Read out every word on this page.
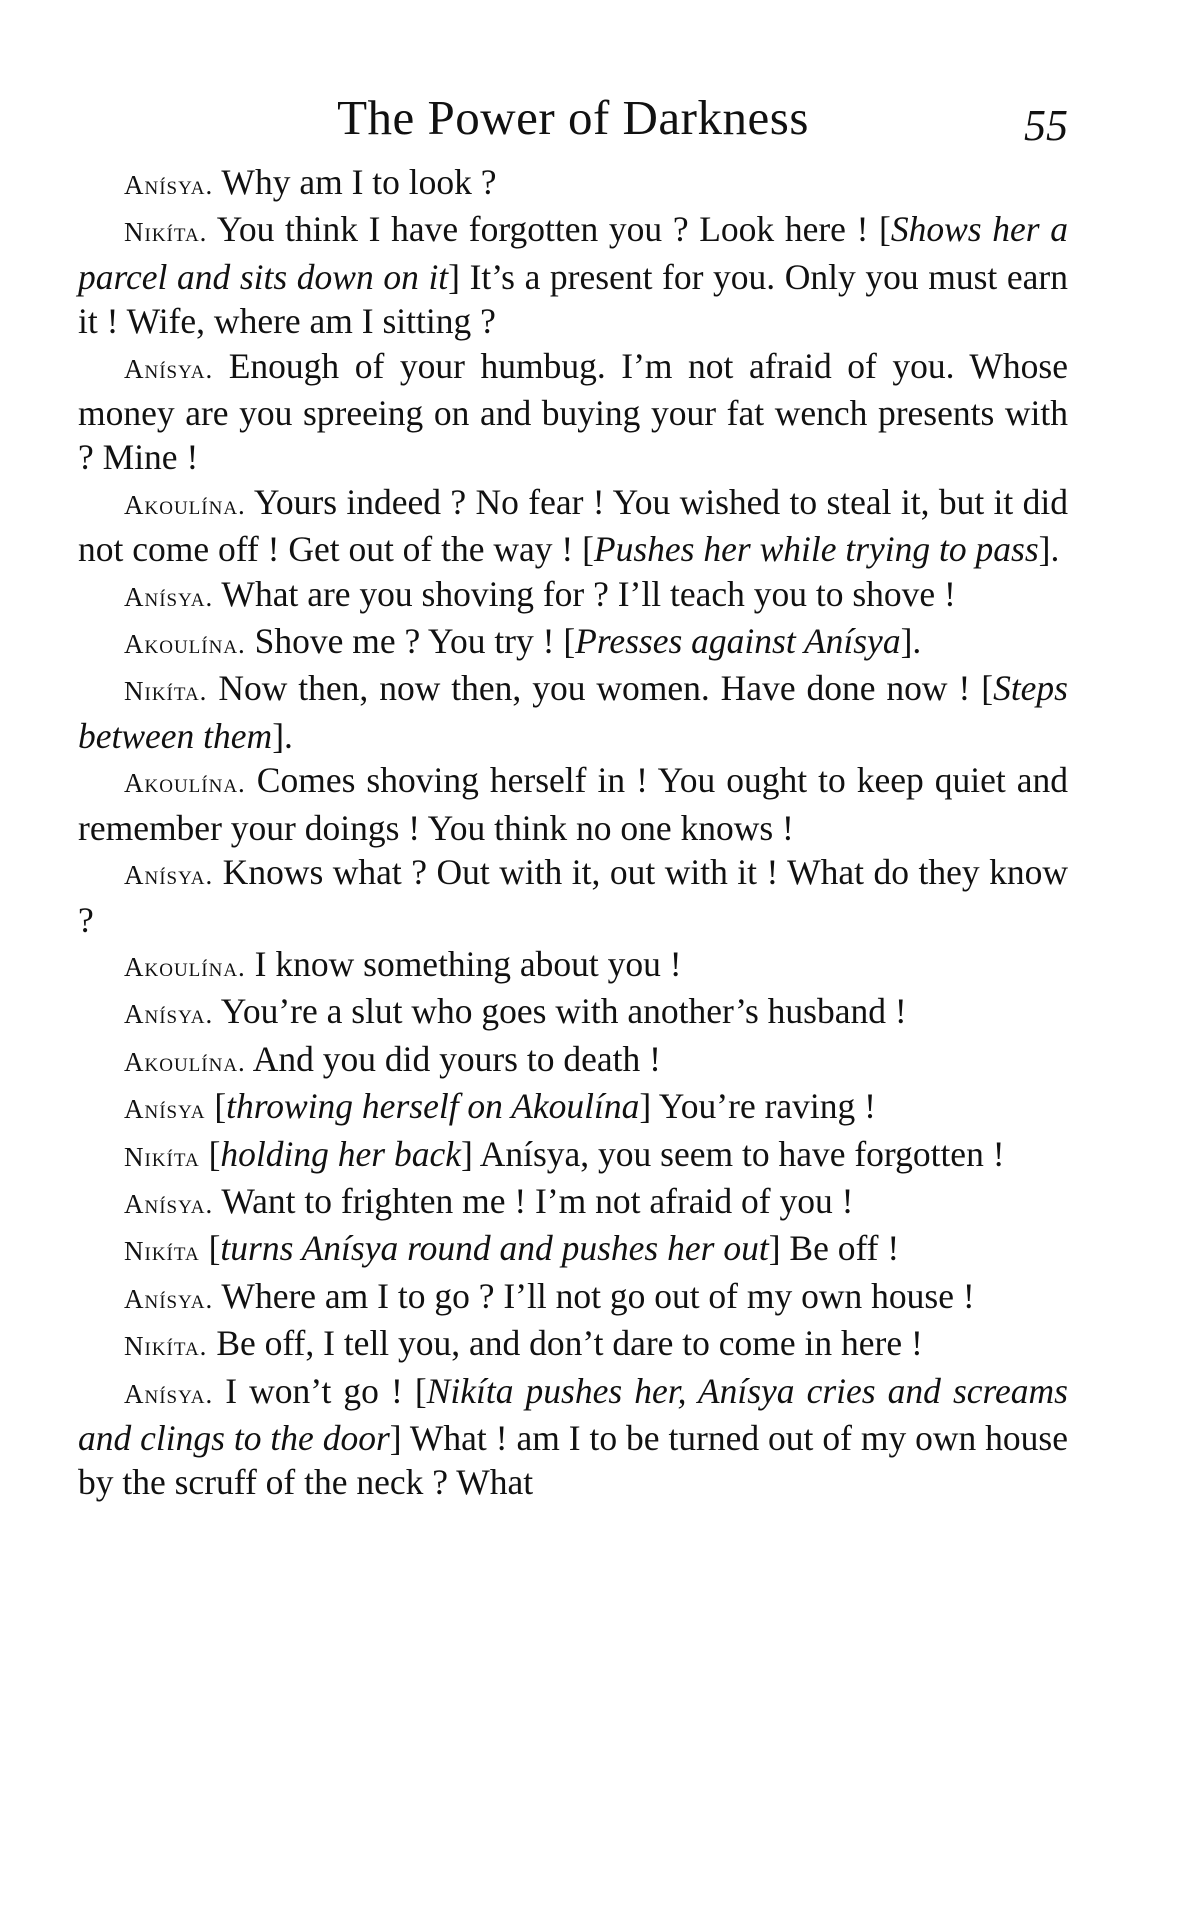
The Power of Darkness	55

Anísya. Why am I to look ?

Nikíta. You think I have forgotten you ? Look here ! [Shows her a parcel and sits down on it] It’s a present for you. Only you must earn it ! Wife, where am I sitting ?

Anísya. Enough of your humbug. I’m not afraid of you. Whose money are you spreeing on and buying your fat wench presents with ? Mine !

Akoulína. Yours indeed ? No fear ! You wished to steal it, but it did not come off ! Get out of the way ! [Pushes her while trying to pass].

Anísya. What are you shoving for ? I’ll teach you to shove !

Akoulína. Shove me ? You try ! [Presses against Anísya].

Nikíta. Now then, now then, you women. Have done now ! [Steps between them].

Akoulína. Comes shoving herself in ! You ought to keep quiet and remember your doings ! You think no one knows !

Anísya. Knows what ? Out with it, out with it ! What do they know ?

Akoulína. I know something about you !

Anísya. You’re a slut who goes with another’s husband !

Akoulína. And you did yours to death !

Anísya [throwing herself on Akoulína] You’re raving !

Nikíta [holding her back] Anísya, you seem to have forgotten !

Anísya. Want to frighten me ! I’m not afraid of you !

Nikíta [turns Anísya round and pushes her out] Be off !

Anísya. Where am I to go ? I’ll not go out of my own house !

Nikíta. Be off, I tell you, and don’t dare to come in here !

Anísya. I won’t go ! [Nikíta pushes her, Anísya cries and screams and clings to the door] What ! am I to be turned out of my own house by the scruff of the neck ? What
